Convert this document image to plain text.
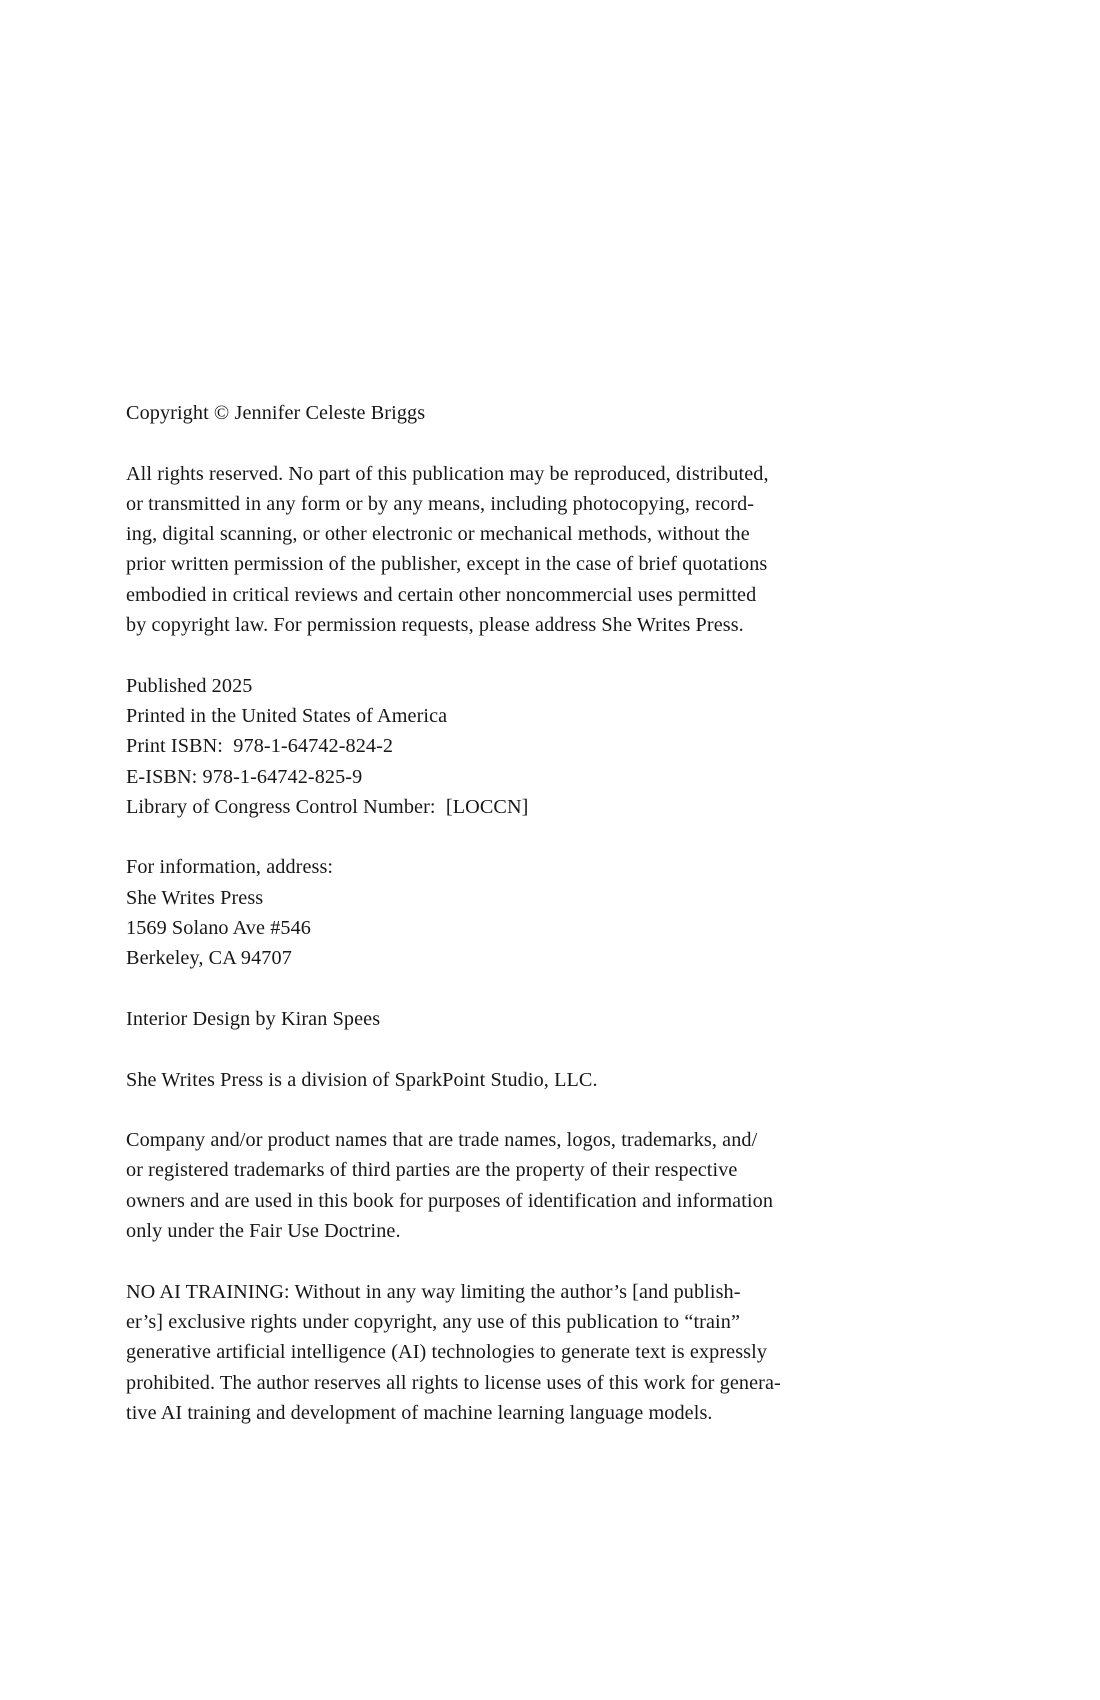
Copyright © Jennifer Celeste Briggs
All rights reserved. No part of this publication may be reproduced, distributed,
or transmitted in any form or by any means, including photocopying, record-
ing, digital scanning, or other electronic or mechanical methods, without the
prior written permission of the publisher, except in the case of brief quotations
embodied in critical reviews and certain other noncommercial uses permitted
by copyright law. For permission requests, please address She Writes Press.
Published 2025
Printed in the United States of America
Print ISBN:  978-1-64742-824-2
E-ISBN: 978-1-64742-825-9
Library of Congress Control Number:  [LOCCN]
For information, address:
She Writes Press
1569 Solano Ave #546
Berkeley, CA 94707
Interior Design by Kiran Spees
She Writes Press is a division of SparkPoint Studio, LLC.
Company and/or product names that are trade names, logos, trademarks, and/
or registered trademarks of third parties are the property of their respective
owners and are used in this book for purposes of identification and information
only under the Fair Use Doctrine.
NO AI TRAINING: Without in any way limiting the author’s [and publish-
er’s] exclusive rights under copyright, any use of this publication to “train”
generative artificial intelligence (AI) technologies to generate text is expressly
prohibited. The author reserves all rights to license uses of this work for genera-
tive AI training and development of machine learning language models.
